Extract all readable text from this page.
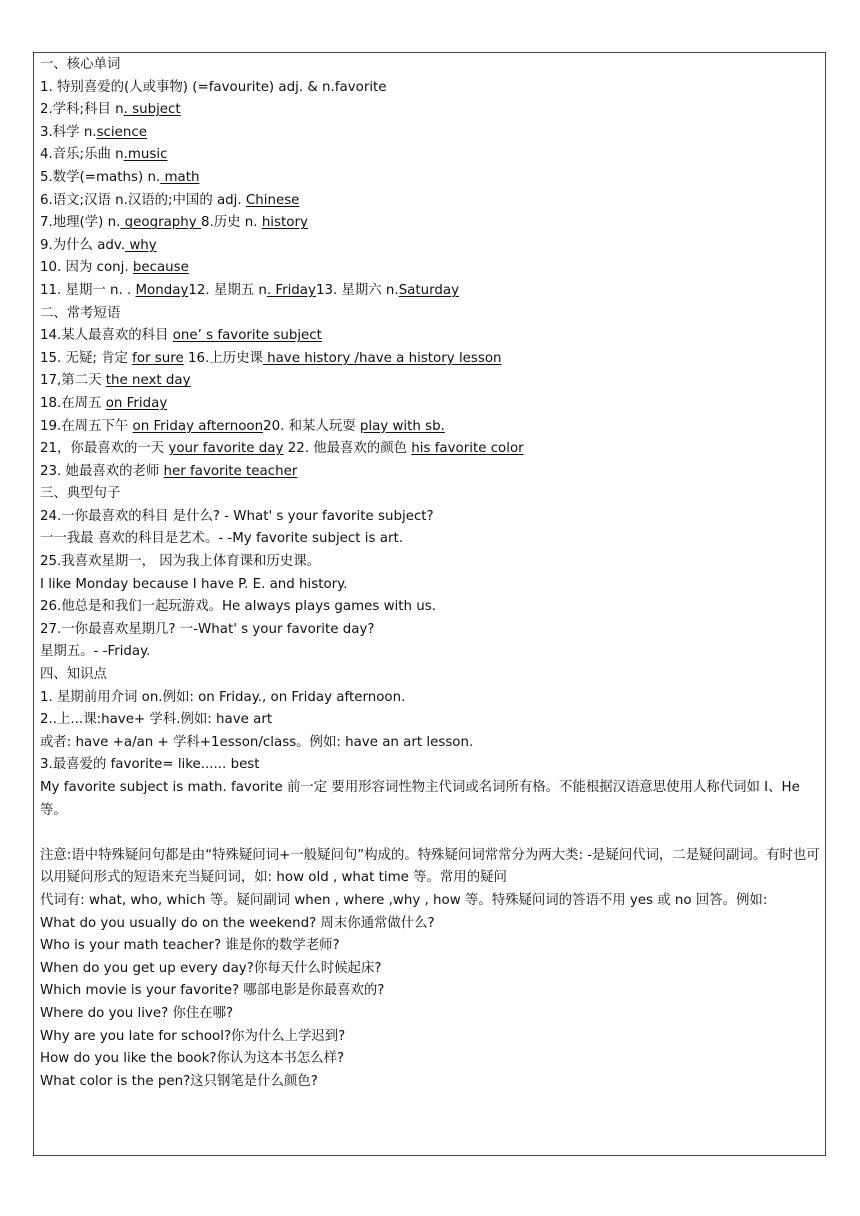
一、核心单词
1. 特别喜爱的(人或事物) (=favourite) adj. & n.favorite
2.学科;科目 n. subject
3.科学 n.science
4.音乐;乐曲 n.music
5.数学(=maths) n. math
6.语文;汉语 n.汉语的;中国的 adj. Chinese
7.地理(学) n. geography 8.历史 n. history
9.为什么 adv. why
10. 因为 conj. because
11. 星期一 n. . Monday12. 星期五 n. Friday13. 星期六 n.Saturday
二、常考短语
14.某人最喜欢的科目 one’ s favorite subject
15. 无疑; 肯定 for sure 16.上历史课 have history /have a history lesson
17,第二天 the next day
18.在周五 on Friday
19.在周五下午 on Friday afternoon20. 和某人玩耍 play with sb.
21，你最喜欢的一天 your favorite day 22. 他最喜欢的颜色 his favorite color
23. 她最喜欢的老师 her favorite teacher
三、典型句子
24.一你最喜欢的科目 是什么? - What' s your favorite subject?
一一我最 喜欢的科目是艺术。- -My favorite subject is art.
25.我喜欢星期一， 因为我上体育课和历史课。
I like Monday because I have P. E. and history.
26.他总是和我们一起玩游戏。He always plays games with us.
27.一你最喜欢星期几? 一-What' s your favorite day?
星期五。- -Friday.
四、知识点
1. 星期前用介词 on.例如: on Friday., on Friday afternoon.
2..上...课:have+ 学科.例如: have art
或者: have +a/an + 学科+1esson/class。例如: have an art lesson.
3.最喜爱的 favorite= like...... best
My favorite subject is math. favorite 前一定 要用形容词性物主代词或名词所有格。不能根据汉语意思使用人称代词如 I、He 等。
注意:语中特殊疑问句都是由“特殊疑问词+一般疑问句”构成的。特殊疑问词常常分为两大类: -是疑问代词，二是疑问副词。有时也可以用疑问形式的短语来充当疑问词，如: how old , what time 等。常用的疑问
代词有: what, who, which 等。疑问副词 when , where ,why , how 等。特殊疑问词的答语不用 yes 或 no 回答。例如:
What do you usually do on the weekend? 周末你通常做什么?
Who is your math teacher? 谁是你的数学老师?
When do you get up every day?你每天什么时候起床?
Which movie is your favorite? 哪部电影是你最喜欢的?
Where do you live? 你住在哪?
Why are you late for school?你为什么上学迟到?
How do you like the book?你认为这本书怎么样?
What color is the pen?这只钢笔是什么颜色?
